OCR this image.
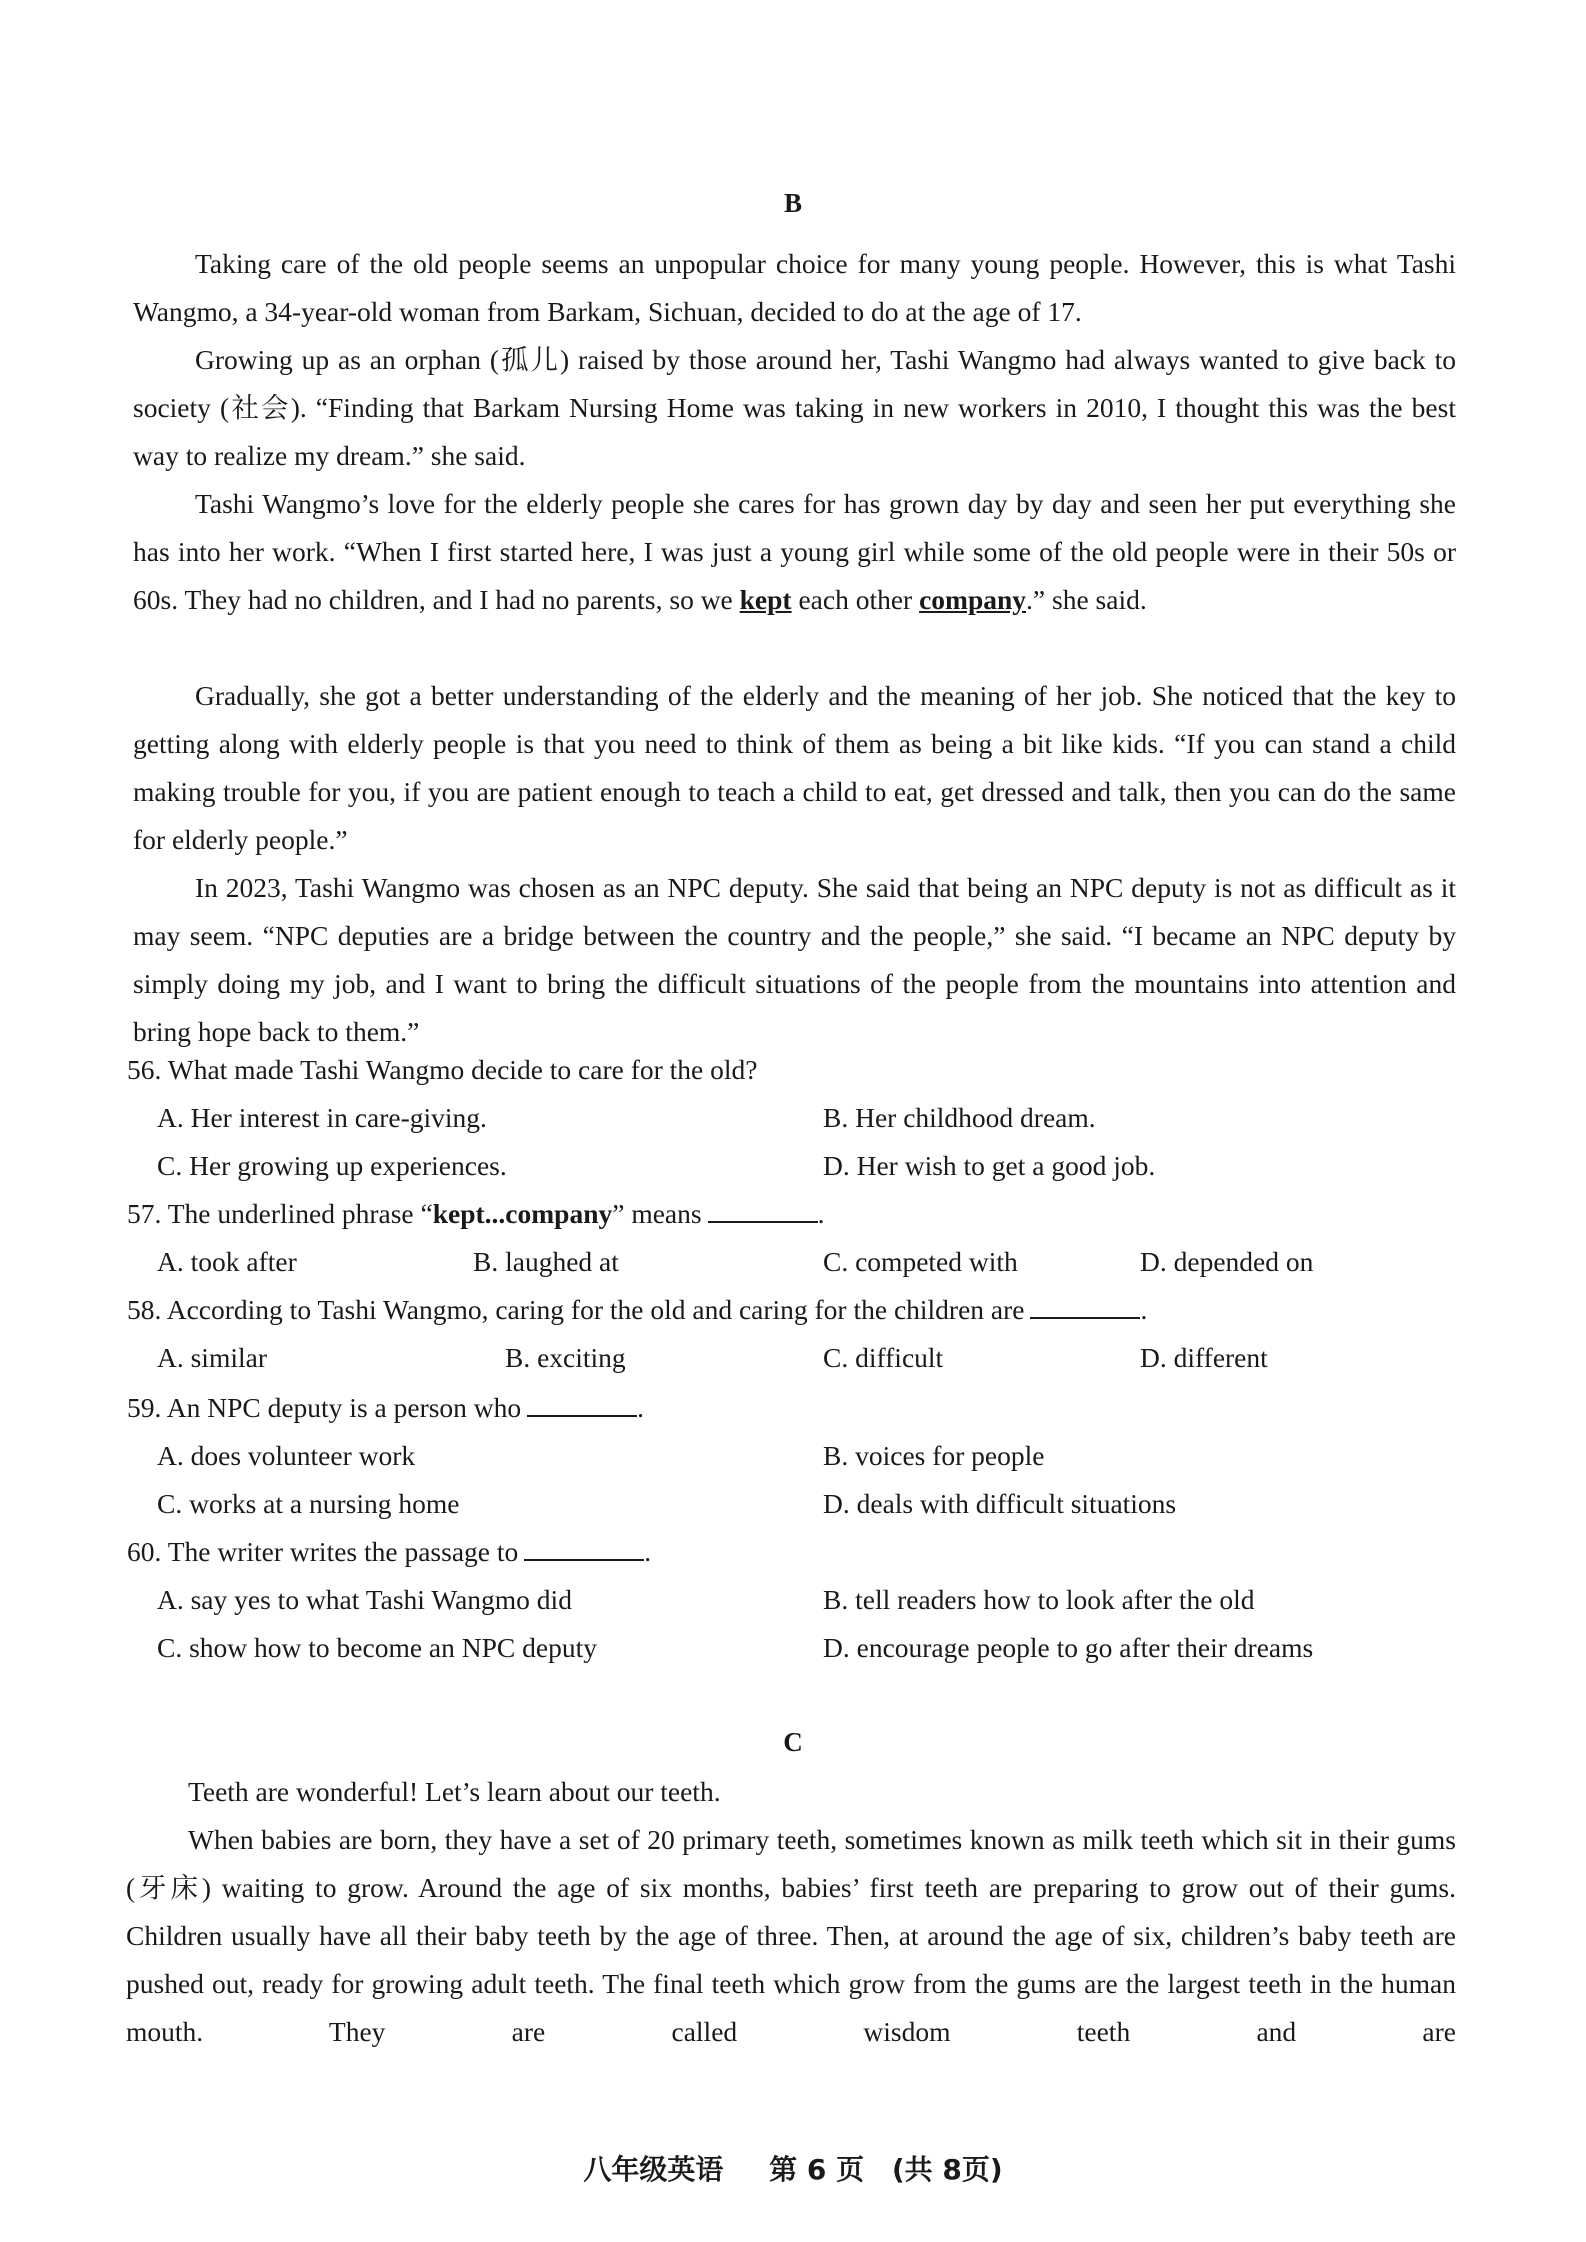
B
Taking care of the old people seems an unpopular choice for many young people. However, this is what Tashi Wangmo, a 34-year-old woman from Barkam, Sichuan, decided to do at the age of 17.
Growing up as an orphan (孤儿) raised by those around her, Tashi Wangmo had always wanted to give back to society (社会). “Finding that Barkam Nursing Home was taking in new workers in 2010, I thought this was the best way to realize my dream.” she said.
Tashi Wangmo’s love for the elderly people she cares for has grown day by day and seen her put everything she has into her work. “When I first started here, I was just a young girl while some of the old people were in their 50s or 60s. They had no children, and I had no parents, so we kept each other company.” she said.
Gradually, she got a better understanding of the elderly and the meaning of her job. She noticed that the key to getting along with elderly people is that you need to think of them as being a bit like kids. “If you can stand a child making trouble for you, if you are patient enough to teach a child to eat, get dressed and talk, then you can do the same for elderly people.”
In 2023, Tashi Wangmo was chosen as an NPC deputy. She said that being an NPC deputy is not as difficult as it may seem. “NPC deputies are a bridge between the country and the people,” she said. “I became an NPC deputy by simply doing my job, and I want to bring the difficult situations of the people from the mountains into attention and bring hope back to them.”
56. What made Tashi Wangmo decide to care for the old?
A. Her interest in care-giving.	B. Her childhood dream.
C. Her growing up experiences.	D. Her wish to get a good job.
57. The underlined phrase “kept...company” means	.
A. took after	B. laughed at	C. competed with	D. depended on
58. According to Tashi Wangmo, caring for the old and caring for the children are	.
A. similar	B. exciting	C. difficult	D. different
59. An NPC deputy is a person who	.
A. does volunteer work	B. voices for people
C. works at a nursing home	D. deals with difficult situations
60. The writer writes the passage to	.
A. say yes to what Tashi Wangmo did	B. tell readers how to look after the old
C. show how to become an NPC deputy	D. encourage people to go after their dreams
C
Teeth are wonderful! Let’s learn about our teeth.
When babies are born, they have a set of 20 primary teeth, sometimes known as milk teeth which sit in their gums (牙床) waiting to grow. Around the age of six months, babies’ first teeth are preparing to grow out of their gums. Children usually have all their baby teeth by the age of three. Then, at around the age of six, children’s baby teeth are pushed out, ready for growing adult teeth. The final teeth which grow from the gums are the largest teeth in the human mouth. They are called wisdom teeth and are
八年级英语 第 6 页 (共 8页)
